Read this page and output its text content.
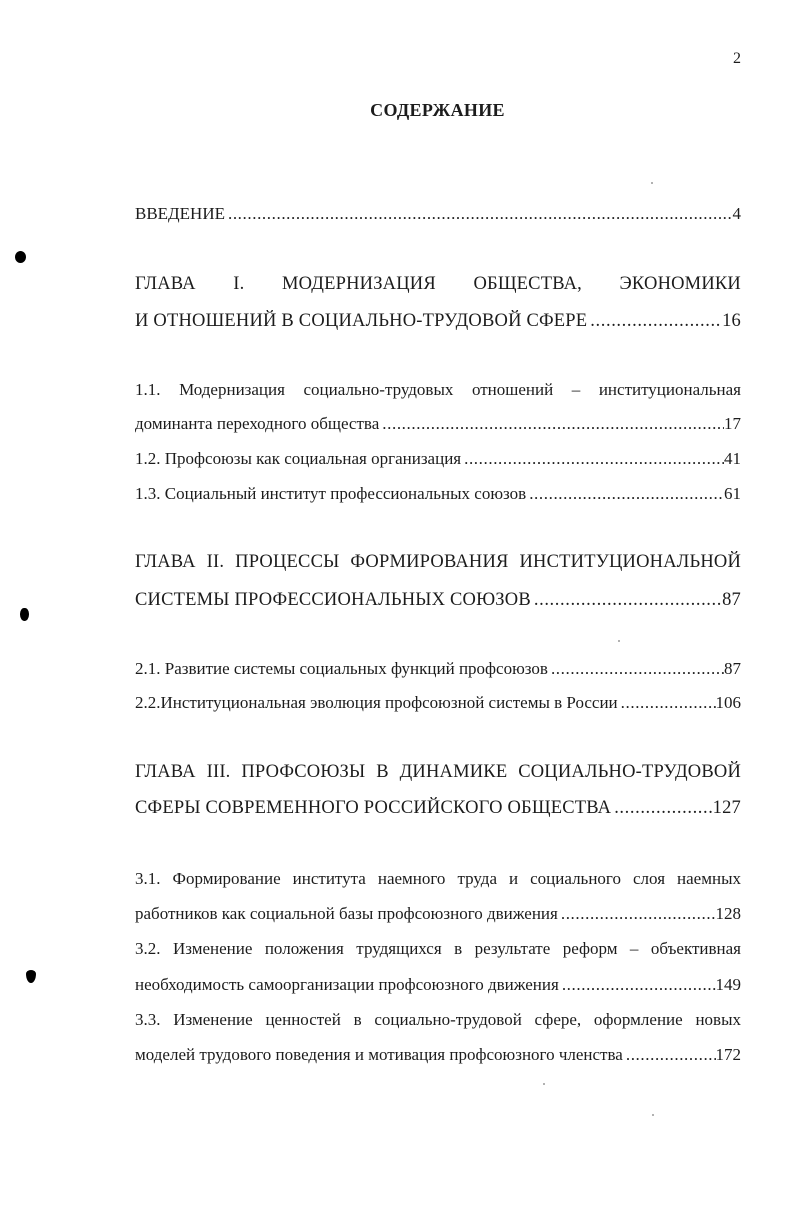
2
СОДЕРЖАНИЕ
ВВЕДЕНИЕ .....	4
ГЛАВА I. МОДЕРНИЗАЦИЯ ОБЩЕСТВА, ЭКОНОМИКИ
И ОТНОШЕНИЙ В СОЦИАЛЬНО-ТРУДОВОЙ СФЕРЕ .....	16
1.1. Модернизация социально-трудовых отношений – институциональная
доминанта переходного общества .....	17
1.2. Профсоюзы как социальная организация .....	41
1.3. Социальный институт профессиональных союзов .....	61
ГЛАВА II. ПРОЦЕССЫ ФОРМИРОВАНИЯ ИНСТИТУЦИОНАЛЬНОЙ
СИСТЕМЫ ПРОФЕССИОНАЛЬНЫХ СОЮЗОВ .....	87
2.1. Развитие системы социальных функций профсоюзов .....	87
2.2.Институциональная эволюция профсоюзной системы в России .....	106
ГЛАВА III. ПРОФСОЮЗЫ В ДИНАМИКЕ СОЦИАЛЬНО-ТРУДОВОЙ
СФЕРЫ СОВРЕМЕННОГО РОССИЙСКОГО ОБЩЕСТВА .....	127
3.1. Формирование института наемного труда и социального слоя наемных
работников как социальной базы профсоюзного движения .....	128
3.2. Изменение положения трудящихся в результате реформ – объективная
необходимость самоорганизации профсоюзного движения .....	149
3.3. Изменение ценностей в социально-трудовой сфере, оформление новых
моделей трудового поведения и мотивация профсоюзного членства .....	172
